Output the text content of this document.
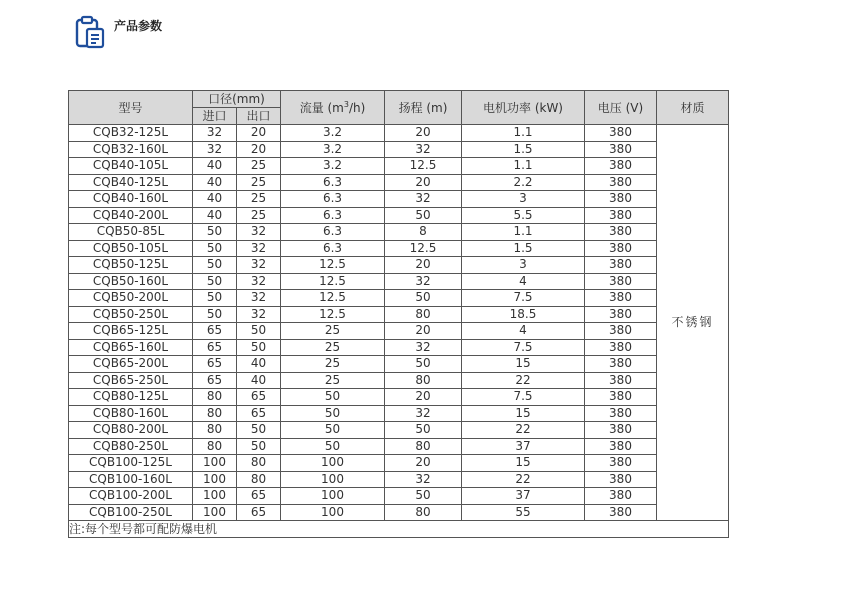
产品参数
型号	口径(mm)		流量 $(m^3/h)$	扬程 (m)	电机功率 (kW)	电压 (V)	材质
	进口	出口					
CQB32-125L	32	20	3.2	20	1.1	380	不锈钢
CQB32-160L	32	20	3.2	32	1.5	380	
CQB40-105L	40	25	3.2	12.5	1.1	380	
CQB40-125L	40	25	6.3	20	2.2	380	
CQB40-160L	40	25	6.3	32	3	380	
CQB40-200L	40	25	6.3	50	5.5	380	
CQB50-85L	50	32	6.3	8	1.1	380	
CQB50-105L	50	32	6.3	12.5	1.5	380	
CQB50-125L	50	32	12.5	20	3	380	
CQB50-160L	50	32	12.5	32	4	380	
CQB50-200L	50	32	12.5	50	7.5	380	
CQB50-250L	50	32	12.5	80	18.5	380	
CQB65-125L	65	50	25	20	4	380	
CQB65-160L	65	50	25	32	7.5	380	
CQB65-200L	65	40	25	50	15	380	
CQB65-250L	65	40	25	80	22	380	
CQB80-125L	80	65	50	20	7.5	380	
CQB80-160L	80	65	50	32	15	380	
CQB80-200L	80	50	50	50	22	380	
CQB80-250L	80	50	50	80	37	380	
CQB100-125L	100	80	100	20	15	380	
CQB100-160L	100	80	100	32	22	380	
CQB100-200L	100	65	100	50	37	380	
CQB100-250L	100	65	100	80	55	380	
注:每个型号都可配防爆电机							
